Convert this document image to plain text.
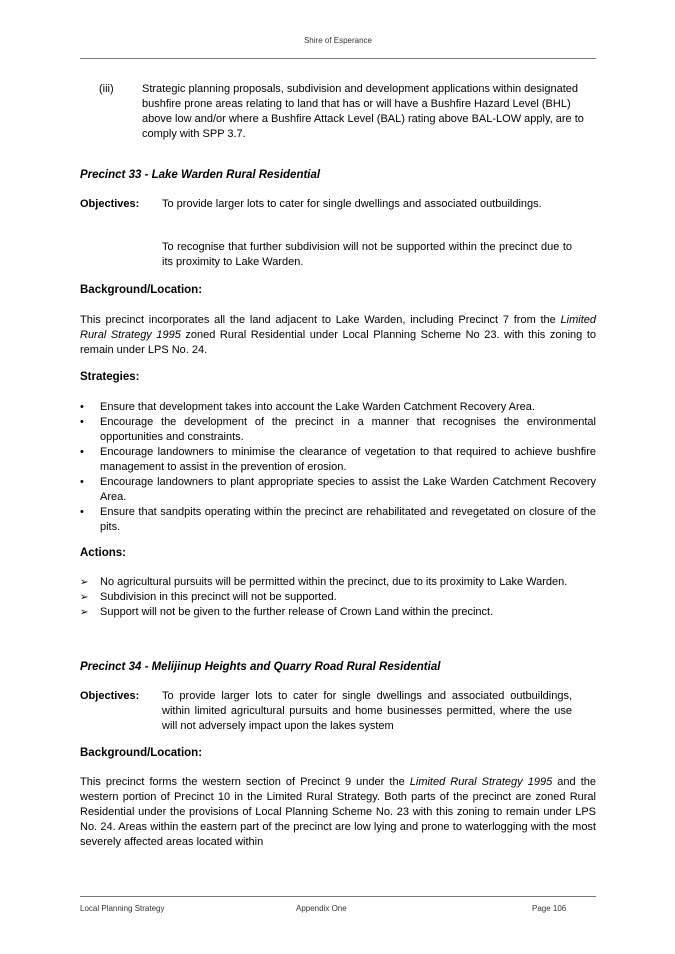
Shire of Esperance
(iii)	Strategic planning proposals, subdivision and development applications within designated bushfire prone areas relating to land that has or will have a Bushfire Hazard Level (BHL) above low and/or where a Bushfire Attack Level (BAL) rating above BAL-LOW apply, are to comply with SPP 3.7.
Precinct 33 - Lake Warden Rural Residential
Objectives: To provide larger lots to cater for single dwellings and associated outbuildings.
To recognise that further subdivision will not be supported within the precinct due to its proximity to Lake Warden.
Background/Location:
This precinct incorporates all the land adjacent to Lake Warden, including Precinct 7 from the Limited Rural Strategy 1995 zoned Rural Residential under Local Planning Scheme No 23. with this zoning to remain under LPS No. 24.
Strategies:
• Ensure that development takes into account the Lake Warden Catchment Recovery Area.
• Encourage the development of the precinct in a manner that recognises the environmental opportunities and constraints.
• Encourage landowners to minimise the clearance of vegetation to that required to achieve bushfire management to assist in the prevention of erosion.
• Encourage landowners to plant appropriate species to assist the Lake Warden Catchment Recovery Area.
• Ensure that sandpits operating within the precinct are rehabilitated and revegetated on closure of the pits.
Actions:
➢ No agricultural pursuits will be permitted within the precinct, due to its proximity to Lake Warden.
➢ Subdivision in this precinct will not be supported.
➢ Support will not be given to the further release of Crown Land within the precinct.
Precinct 34 - Melijinup Heights and Quarry Road Rural Residential
Objectives: To provide larger lots to cater for single dwellings and associated outbuildings, within limited agricultural pursuits and home businesses permitted, where the use will not adversely impact upon the lakes system
Background/Location:
This precinct forms the western section of Precinct 9 under the Limited Rural Strategy 1995 and the western portion of Precinct 10 in the Limited Rural Strategy. Both parts of the precinct are zoned Rural Residential under the provisions of Local Planning Scheme No. 23 with this zoning to remain under LPS No. 24. Areas within the eastern part of the precinct are low lying and prone to waterlogging with the most severely affected areas located within
Local Planning Strategy	Appendix One	Page 106
